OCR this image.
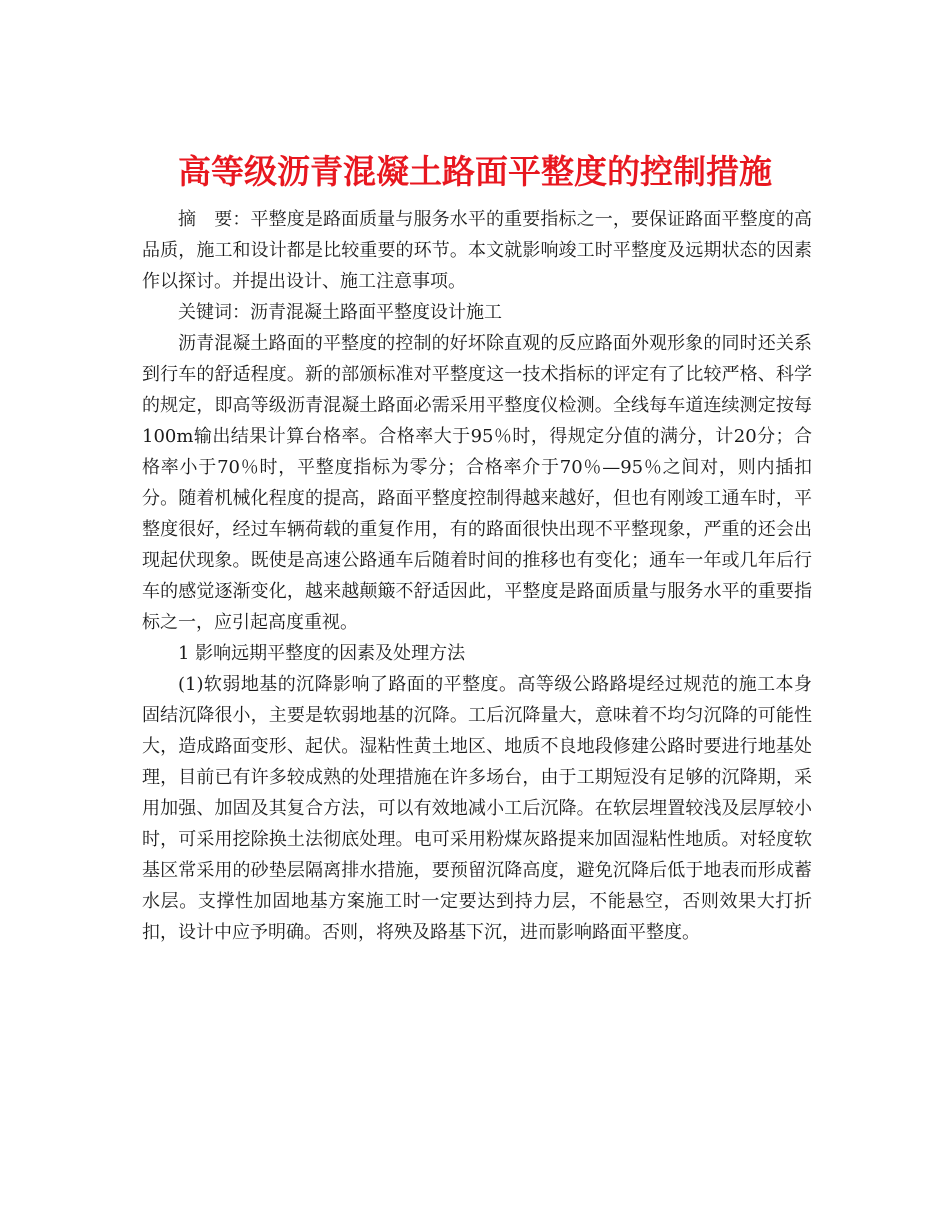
高等级沥青混凝土路面平整度的控制措施

摘　要：平整度是路面质量与服务水平的重要指标之一，要保证路面平整度的高品质，施工和设计都是比较重要的环节。本文就影响竣工时平整度及远期状态的因素作以探讨。并提出设计、施工注意事项。

关键词：沥青混凝土路面平整度设计施工

沥青混凝土路面的平整度的控制的好坏除直观的反应路面外观形象的同时还关系到行车的舒适程度。新的部颁标准对平整度这一技术指标的评定有了比较严格、科学的规定，即高等级沥青混凝土路面必需采用平整度仪检测。全线每车道连续测定按每100m输出结果计算台格率。合格率大于95％时，得规定分值的满分，计20分；合格率小于70％时，平整度指标为零分；合格率介于70％—95％之间对，则内插扣分。随着机械化程度的提高，路面平整度控制得越来越好，但也有刚竣工通车时，平整度很好，经过车辆荷载的重复作用，有的路面很快出现不平整现象，严重的还会出现起伏现象。既使是高速公路通车后随着时间的推移也有变化；通车一年或几年后行车的感觉逐渐变化，越来越颠簸不舒适因此，平整度是路面质量与服务水平的重要指标之一，应引起高度重视。

1 影响远期平整度的因素及处理方法

(1)软弱地基的沉降影响了路面的平整度。高等级公路路堤经过规范的施工本身固结沉降很小，主要是软弱地基的沉降。工后沉降量大，意味着不均匀沉降的可能性大，造成路面变形、起伏。湿粘性黄土地区、地质不良地段修建公路时要进行地基处理，目前已有许多较成熟的处理措施在许多场台，由于工期短没有足够的沉降期，采用加强、加固及其复合方法，可以有效地减小工后沉降。在软层埋置较浅及层厚较小时，可采用挖除换土法彻底处理。电可采用粉煤灰路提来加固湿粘性地质。对轻度软基区常采用的砂垫层隔离排水措施，要预留沉降高度，避免沉降后低于地表而形成蓄水层。支撑性加固地基方案施工时一定要达到持力层，不能悬空，否则效果大打折扣，设计中应予明确。否则，将殃及路基下沉，进而影响路面平整度。
